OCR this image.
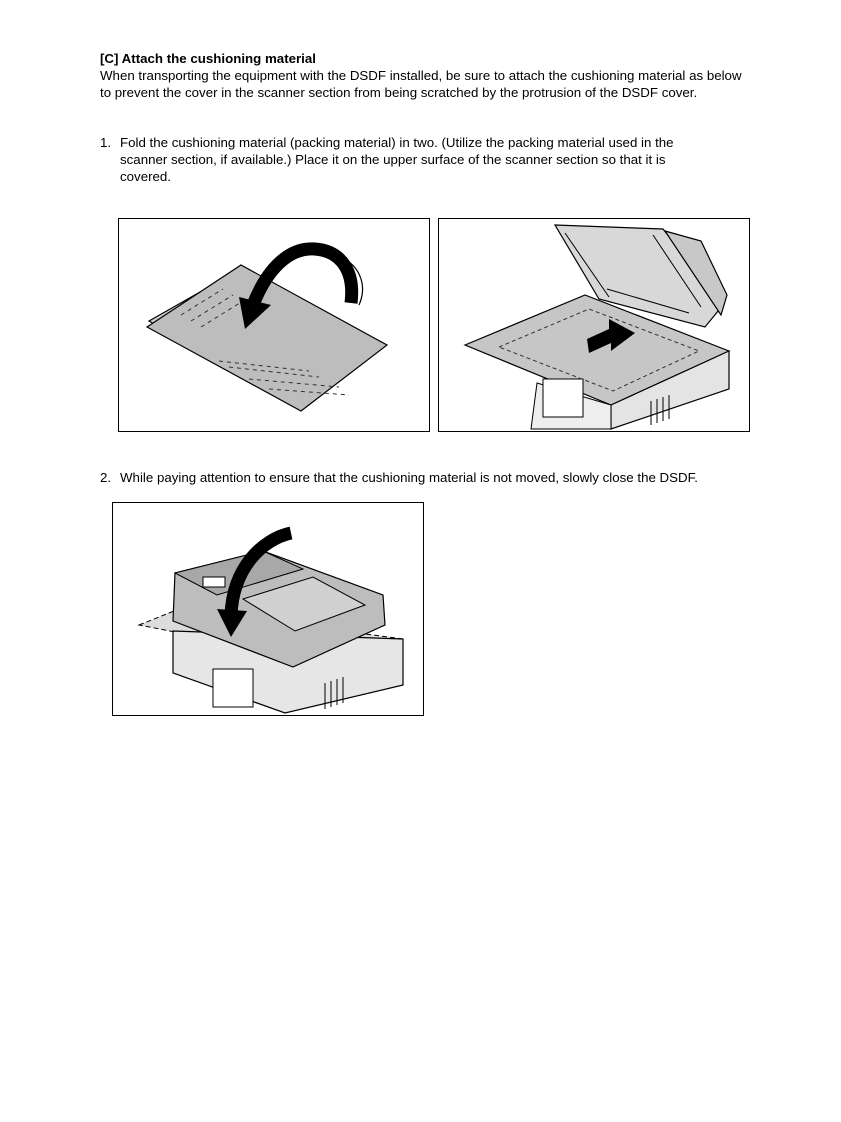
[C] Attach the cushioning material
When transporting the equipment with the DSDF installed, be sure to attach the cushioning material as below to prevent the cover in the scanner section from being scratched by the protrusion of the DSDF cover.
1. Fold the cushioning material (packing material) in two. (Utilize the packing material used in the scanner section, if available.) Place it on the upper surface of the scanner section so that it is covered.
2. While paying attention to ensure that the cushioning material is not moved, slowly close the DSDF.
